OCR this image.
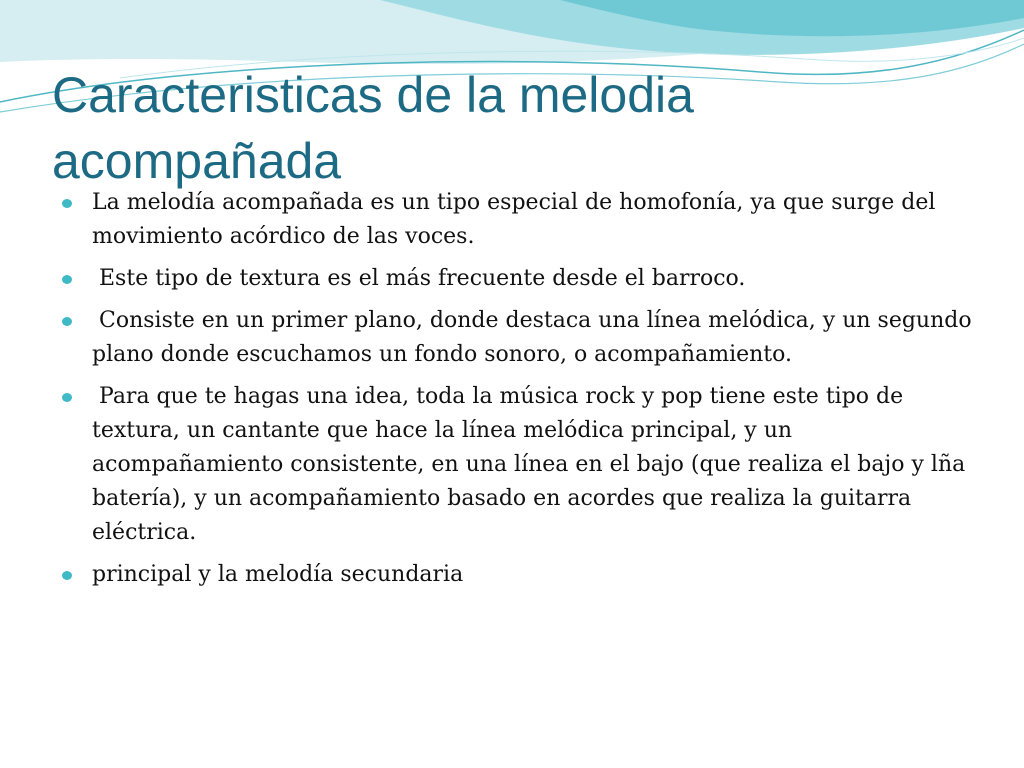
Caracteristicas de la melodia acompañada
La melodía acompañada es un tipo especial de homofonía, ya que surge del movimiento acórdico de las voces.
Este tipo de textura es el más frecuente desde el barroco.
Consiste en un primer plano, donde destaca una línea melódica, y un segundo plano donde escuchamos un fondo sonoro, o acompañamiento.
Para que te hagas una idea, toda la música rock y pop tiene este tipo de textura, un cantante que hace la línea melódica principal, y un acompañamiento consistente, en una línea en el bajo (que realiza el bajo y lña batería), y un acompañamiento basado en acordes que realiza la guitarra eléctrica.
principal y la melodía secundaria
